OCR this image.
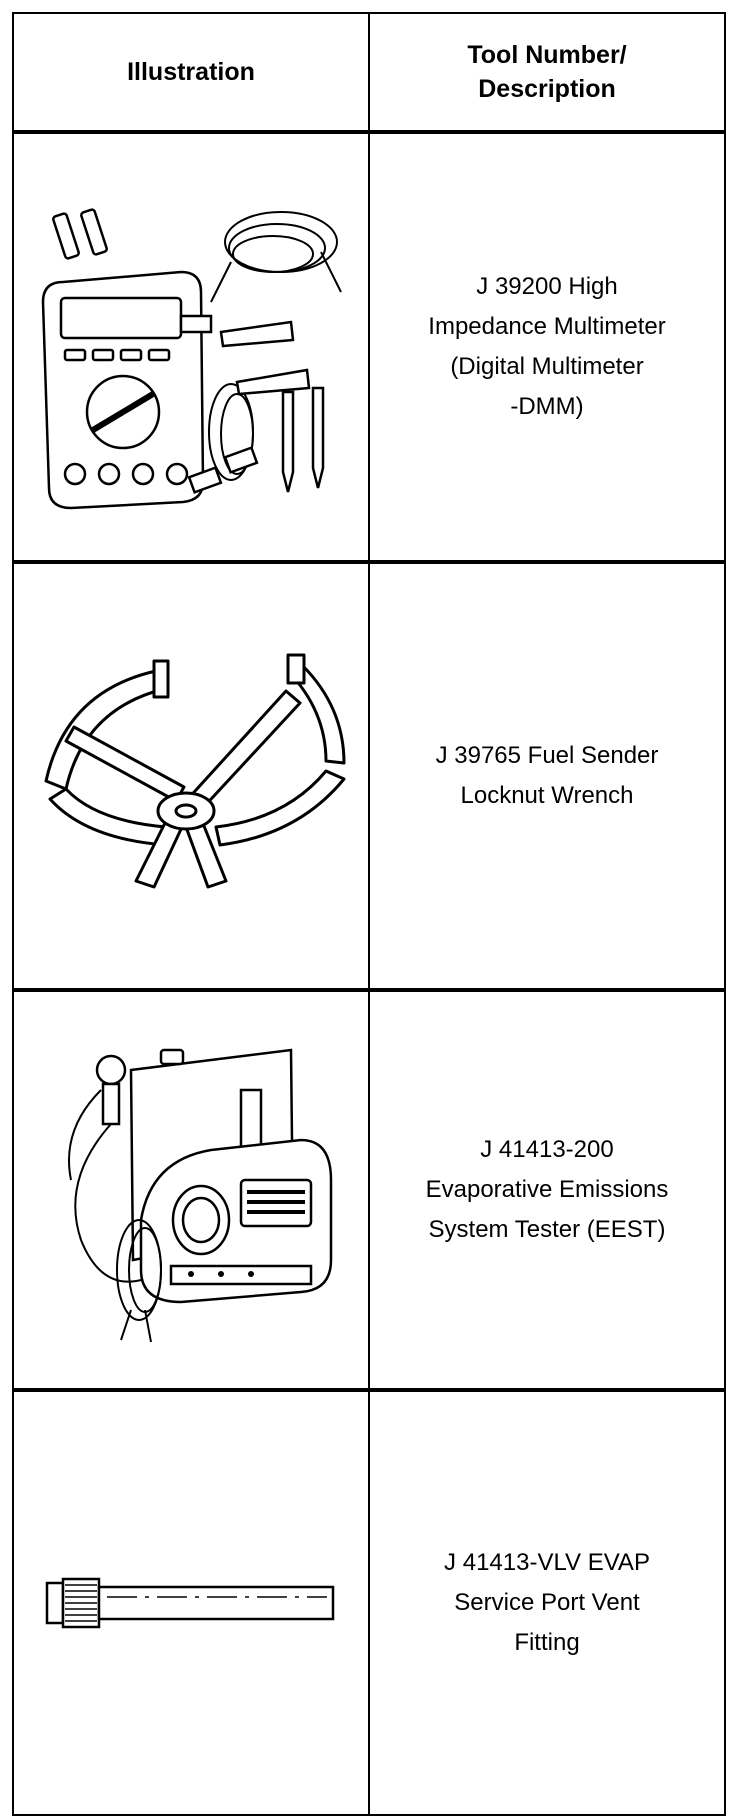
Illustration	Tool Number/
Description

J 39200 High
Impedance Multimeter
(Digital Multimeter
-DMM)

J 39765 Fuel Sender
Locknut Wrench

J 41413-200
Evaporative Emissions
System Tester (EEST)

J 41413-VLV EVAP
Service Port Vent
Fitting
